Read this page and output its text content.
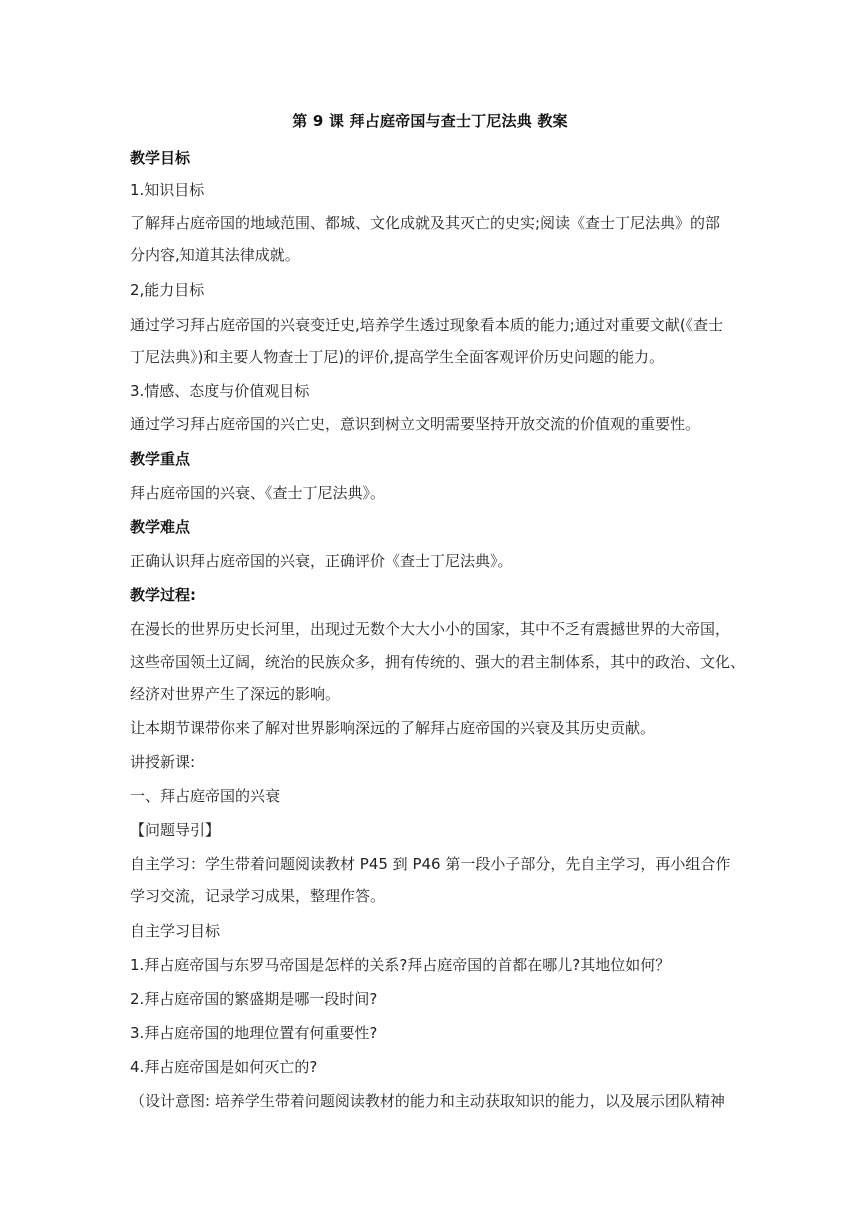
第 9 课 拜占庭帝国与查士丁尼法典 教案
教学目标
1.知识目标
了解拜占庭帝国的地域范围、都城、文化成就及其灭亡的史实;阅读《查士丁尼法典》的部
分内容,知道其法律成就。
2,能力目标
通过学习拜占庭帝国的兴衰变迁史,培养学生透过现象看本质的能力;通过对重要文献(《查士
丁尼法典》)和主要人物查士丁尼)的评价,提高学生全面客观评价历史问题的能力。
3.情感、态度与价值观目标
通过学习拜占庭帝国的兴亡史，意识到树立文明需要坚持开放交流的价值观的重要性。
教学重点
拜占庭帝国的兴衰、《查士丁尼法典》。
教学难点
正确认识拜占庭帝国的兴衰，正确评价《查士丁尼法典》。
教学过程:
在漫长的世界历史长河里，出现过无数个大大小小的国家，其中不乏有震撼世界的大帝国，
这些帝国领土辽阔，统治的民族众多，拥有传统的、强大的君主制体系，其中的政治、文化、
经济对世界产生了深远的影响。
让本期节课带你来了解对世界影响深远的了解拜占庭帝国的兴衰及其历史贡献。
讲授新课:
一、拜占庭帝国的兴衰
【问题导引】
自主学习：学生带着问题阅读教材 P45 到 P46 第一段小子部分，先自主学习，再小组合作
学习交流，记录学习成果，整理作答。
自主学习目标
1.拜占庭帝国与东罗马帝国是怎样的关系?拜占庭帝国的首都在哪儿?其地位如何？
2.拜占庭帝国的繁盛期是哪一段时间?
3.拜占庭帝国的地理位置有何重要性?
4.拜占庭帝国是如何灭亡的?
（设计意图: 培养学生带着问题阅读教材的能力和主动获取知识的能力，以及展示团队精神
